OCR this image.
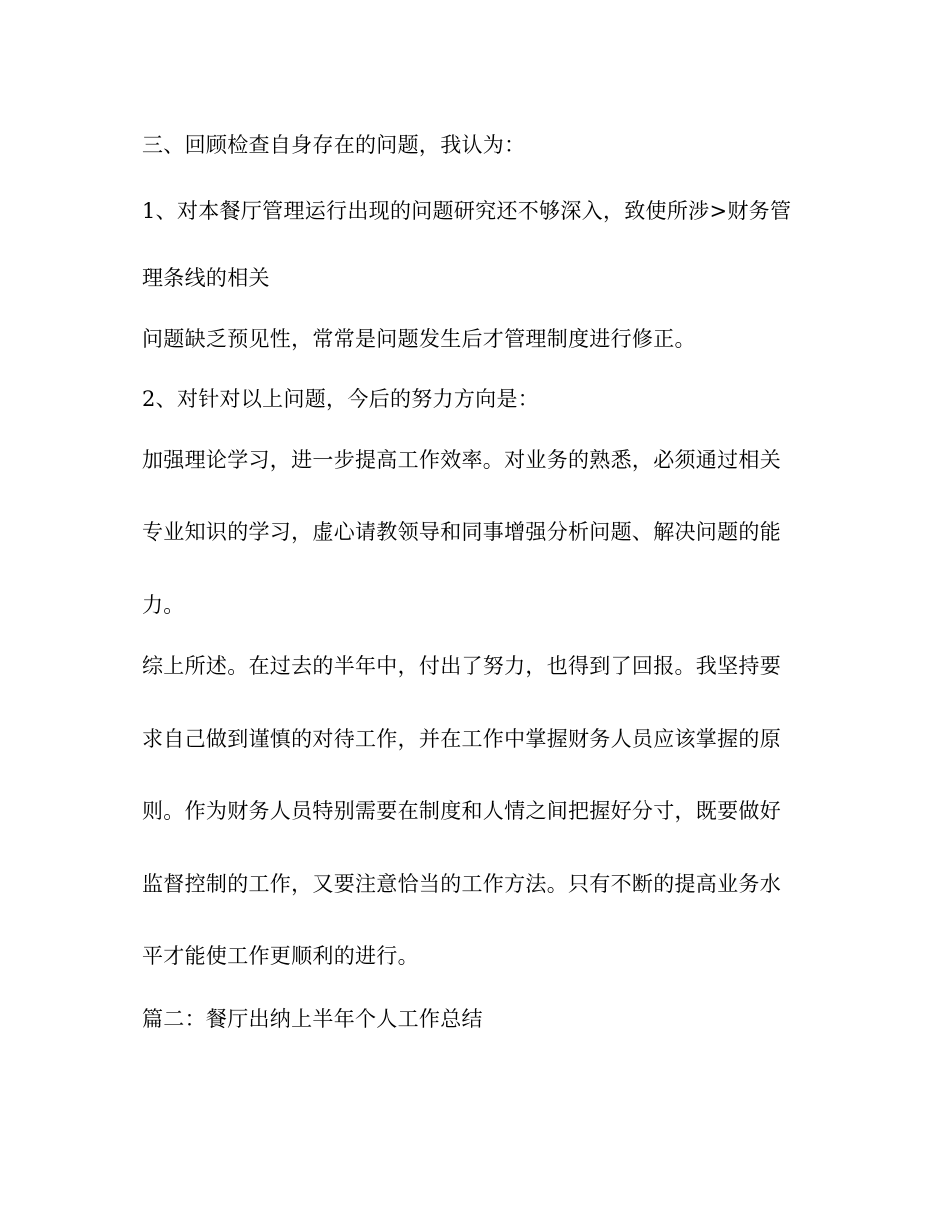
三、回顾检查自身存在的问题，我认为：
1、对本餐厅管理运行出现的问题研究还不够深入，致使所涉>财务管
理条线的相关
问题缺乏预见性，常常是问题发生后才管理制度进行修正。
2、对针对以上问题，今后的努力方向是：
加强理论学习，进一步提高工作效率。对业务的熟悉，必须通过相关
专业知识的学习，虚心请教领导和同事增强分析问题、解决问题的能
力。
综上所述。在过去的半年中，付出了努力，也得到了回报。我坚持要
求自己做到谨慎的对待工作，并在工作中掌握财务人员应该掌握的原
则。作为财务人员特别需要在制度和人情之间把握好分寸，既要做好
监督控制的工作，又要注意恰当的工作方法。只有不断的提高业务水
平才能使工作更顺利的进行。
篇二：餐厅出纳上半年个人工作总结
